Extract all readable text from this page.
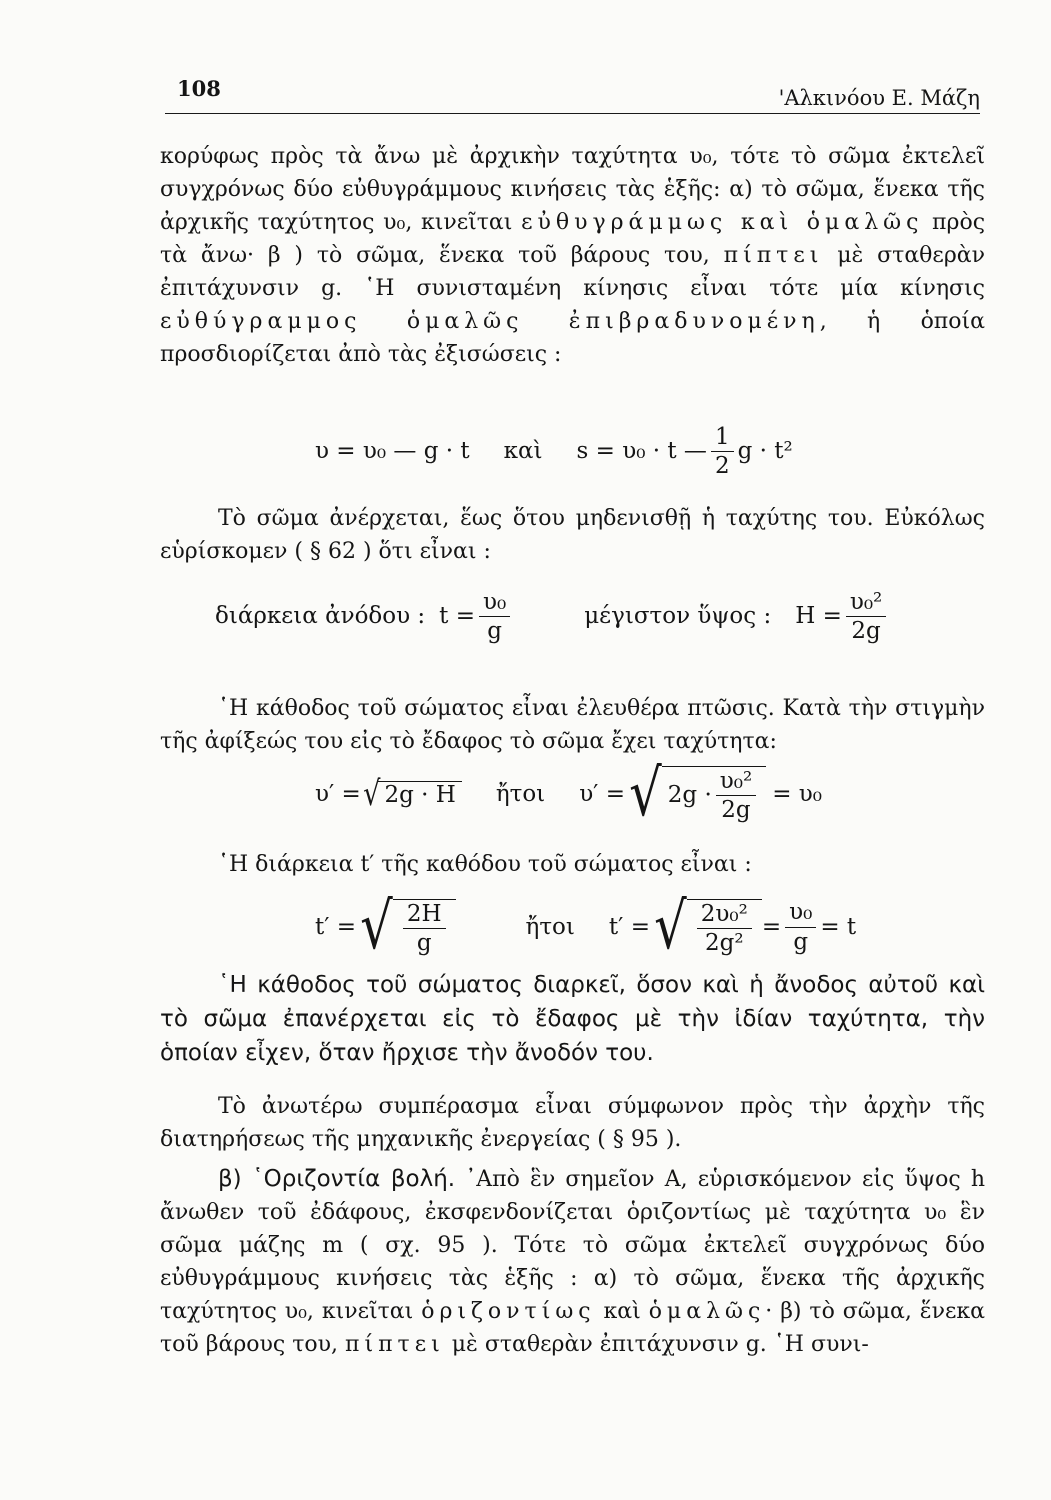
108	'Αλκινόου Ε. Μάζη

κορύφως πρὸς τὰ ἄνω μὲ ἀρχικὴν ταχύτητα υ₀, τότε τὸ σῶμα ἐκτελεῖ συγχρόνως δύο εὐθυγράμμους κινήσεις τὰς ἑξῆς: α) τὸ σῶμα, ἕνεκα τῆς ἀρχικῆς ταχύτητος υ₀, κινεῖται εὐθυγράμμως καὶ ὁμαλῶς πρὸς τὰ ἄνω· β ) τὸ σῶμα, ἕνεκα τοῦ βάρους του, πίπτει μὲ σταθερὰν ἐπιτάχυνσιν g. ῾Η συνισταμένη κίνησις εἶναι τότε μία κίνησις εὐθύγραμμος ὁμαλῶς ἐπιβραδυνομένη, ἡ ὁποία προσδιορίζεται ἀπὸ τὰς ἐξισώσεις :

υ = υ₀ — g · t καὶ s = υ₀ · t — $\frac{1}{2}$ g · t²

Τὸ σῶμα ἀνέρχεται, ἕως ὅτου μηδενισθῇ ἡ ταχύτης του. Εὐκόλως εὑρίσκομεν ( § 62 ) ὅτι εἶναι :

διάρκεια ἀνόδου : $t = \frac{\text{υ₀}}{g}$	μέγιστον ὕψος : $H = \frac{\text{υ₀²}}{2g}$

῾Η κάθοδος τοῦ σώματος εἶναι ἐλευθέρα πτῶσις. Κατὰ τὴν στιγμὴν τῆς ἀφίξεώς του εἰς τὸ ἔδαφος τὸ σῶμα ἔχει ταχύτητα:

υ′ = √ 2g · H ἤτοι υ′ = √ $2g \cdot \frac{\text{υ₀²}}{2g} = \upsilon_0$

῾Η διάρκεια t′ τῆς καθόδου τοῦ σώματος εἶναι :

t′ = √ $\frac{2H}{g}$	ἤτοι t′ = √ $\frac{\text{2υ₀²}}{\text{2g²}} = \frac{\text{υ₀}}{g} = t$

῾Η κάθοδος τοῦ σώματος διαρκεῖ, ὅσον καὶ ἡ ἄνοδος αὐτοῦ καὶ τὸ σῶμα ἐπανέρχεται εἰς τὸ ἔδαφος μὲ τὴν ἰδίαν ταχύτητα, τὴν ὁποίαν εἶχεν, ὅταν ἤρχισε τὴν ἄνοδόν του.

Τὸ ἀνωτέρω συμπέρασμα εἶναι σύμφωνον πρὸς τὴν ἀρχὴν τῆς διατηρήσεως τῆς μηχανικῆς ἐνεργείας ( § 95 ).

β) ῾Οριζοντία βολή. ᾿Απὸ ἓν σημεῖον Α, εὑρισκόμενον εἰς ὕψος h ἄνωθεν τοῦ ἐδάφους, ἐκσφενδονίζεται ὁριζοντίως μὲ ταχύτητα υ₀ ἓν σῶμα μάζης m ( σχ. 95 ). Τότε τὸ σῶμα ἐκτελεῖ συγχρόνως δύο εὐθυγράμμους κινήσεις τὰς ἑξῆς : α) τὸ σῶμα, ἕνεκα τῆς ἀρχικῆς ταχύτητος υ₀, κινεῖται ὁριζοντίως καὶ ὁμαλῶς· β) τὸ σῶμα, ἕνεκα τοῦ βάρους του, πίπτει μὲ σταθερὰν ἐπιτάχυνσιν g. ῾Η συνι-
